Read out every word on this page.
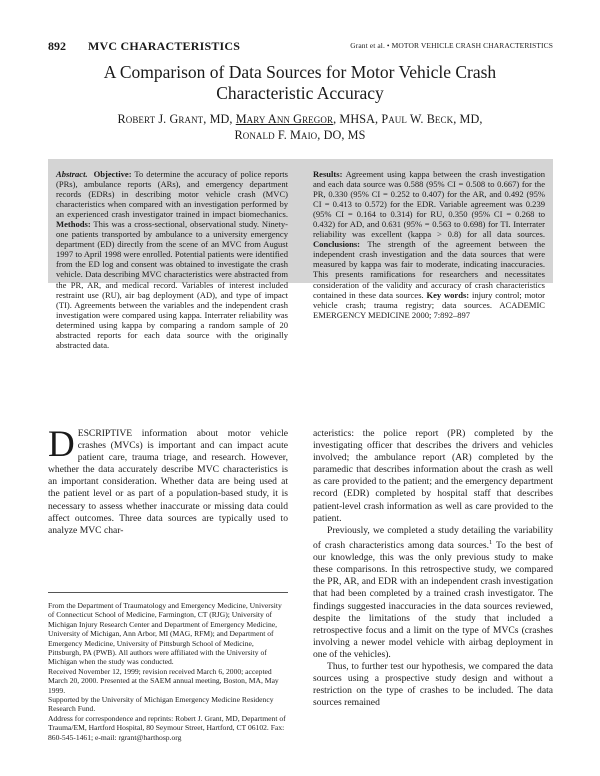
892 MVC CHARACTERISTICS	Grant et al. • MOTOR VEHICLE CRASH CHARACTERISTICS
A Comparison of Data Sources for Motor Vehicle Crash
Characteristic Accuracy
Robert J. Grant, MD, Mary Ann Gregor, MHSA, Paul W. Beck, MD,
Ronald F. Maio, DO, MS
Abstract. Objective: To determine the accuracy of police reports (PRs), ambulance reports (ARs), and emergency department records (EDRs) in describing motor vehicle crash (MVC) characteristics when compared with an investigation performed by an experienced crash investigator trained in impact biomechanics. Methods: This was a cross-sectional, observational study. Ninety-one patients transported by ambulance to a university emergency department (ED) directly from the scene of an MVC from August 1997 to April 1998 were enrolled. Potential patients were identified from the ED log and consent was obtained to investigate the crash vehicle. Data describing MVC characteristics were abstracted from the PR, AR, and medical record. Variables of interest included restraint use (RU), air bag deployment (AD), and type of impact (TI). Agreements between the variables and the independent crash investigation were compared using kappa. Interrater reliability was determined using kappa by comparing a random sample of 20 abstracted reports for each data source with the originally abstracted data.
Results: Agreement using kappa between the crash investigation and each data source was 0.588 (95% CI = 0.508 to 0.667) for the PR, 0.330 (95% CI = 0.252 to 0.407) for the AR, and 0.492 (95% CI = 0.413 to 0.572) for the EDR. Variable agreement was 0.239 (95% CI = 0.164 to 0.314) for RU, 0.350 (95% CI = 0.268 to 0.432) for AD, and 0.631 (95% = 0.563 to 0.698) for TI. Interrater reliability was excellent (kappa > 0.8) for all data sources. Conclusions: The strength of the agreement between the independent crash investigation and the data sources that were measured by kappa was fair to moderate, indicating inaccuracies. This presents ramifications for researchers and necessitates consideration of the validity and accuracy of crash characteristics contained in these data sources. Key words: injury control; motor vehicle crash; trauma registry; data sources. ACADEMIC EMERGENCY MEDICINE 2000; 7:892–897
D ESCRIPTIVE information about motor vehicle crashes (MVCs) is important and can impact acute patient care, trauma triage, and research. However, whether the data accurately describe MVC characteristics is an important consideration. Whether data are being used at the patient level or as part of a population-based study, it is necessary to assess whether inaccurate or missing data could affect outcomes. Three data sources are typically used to analyze MVC char-

From the Department of Traumatology and Emergency Medicine, University of Connecticut School of Medicine, Farmington, CT (RJG); University of Michigan Injury Research Center and Department of Emergency Medicine, University of Michigan, Ann Arbor, MI (MAG, RFM); and Department of Emergency Medicine, University of Pittsburgh School of Medicine, Pittsburgh, PA (PWB). All authors were affiliated with the University of Michigan when the study was conducted.

Received November 12, 1999; revision received March 6, 2000; accepted March 20, 2000. Presented at the SAEM annual meeting, Boston, MA, May 1999.

Supported by the University of Michigan Emergency Medicine Residency Research Fund.

Address for correspondence and reprints: Robert J. Grant, MD, Department of Trauma/EM, Hartford Hospital, 80 Seymour Street, Hartford, CT 06102. Fax: 860-545-1461; e-mail: rgrant@harthosp.org

acteristics: the police report (PR) completed by the investigating officer that describes the drivers and vehicles involved; the ambulance report (AR) completed by the paramedic that describes information about the crash as well as care provided to the patient; and the emergency department record (EDR) completed by hospital staff that describes patient-level crash information as well as care provided to the patient.
Previously, we completed a study detailing the variability of crash characteristics among data sources.$^1$ To the best of our knowledge, this was the only previous study to make these comparisons. In this retrospective study, we compared the PR, AR, and EDR with an independent crash investigation that had been completed by a trained crash investigator. The findings suggested inaccuracies in the data sources reviewed, despite the limitations of the study that included a retrospective focus and a limit on the type of MVCs (crashes involving a newer model vehicle with airbag deployment in one of the vehicles).
Thus, to further test our hypothesis, we compared the data sources using a prospective study design and without a restriction on the type of crashes to be included. The data sources remained
